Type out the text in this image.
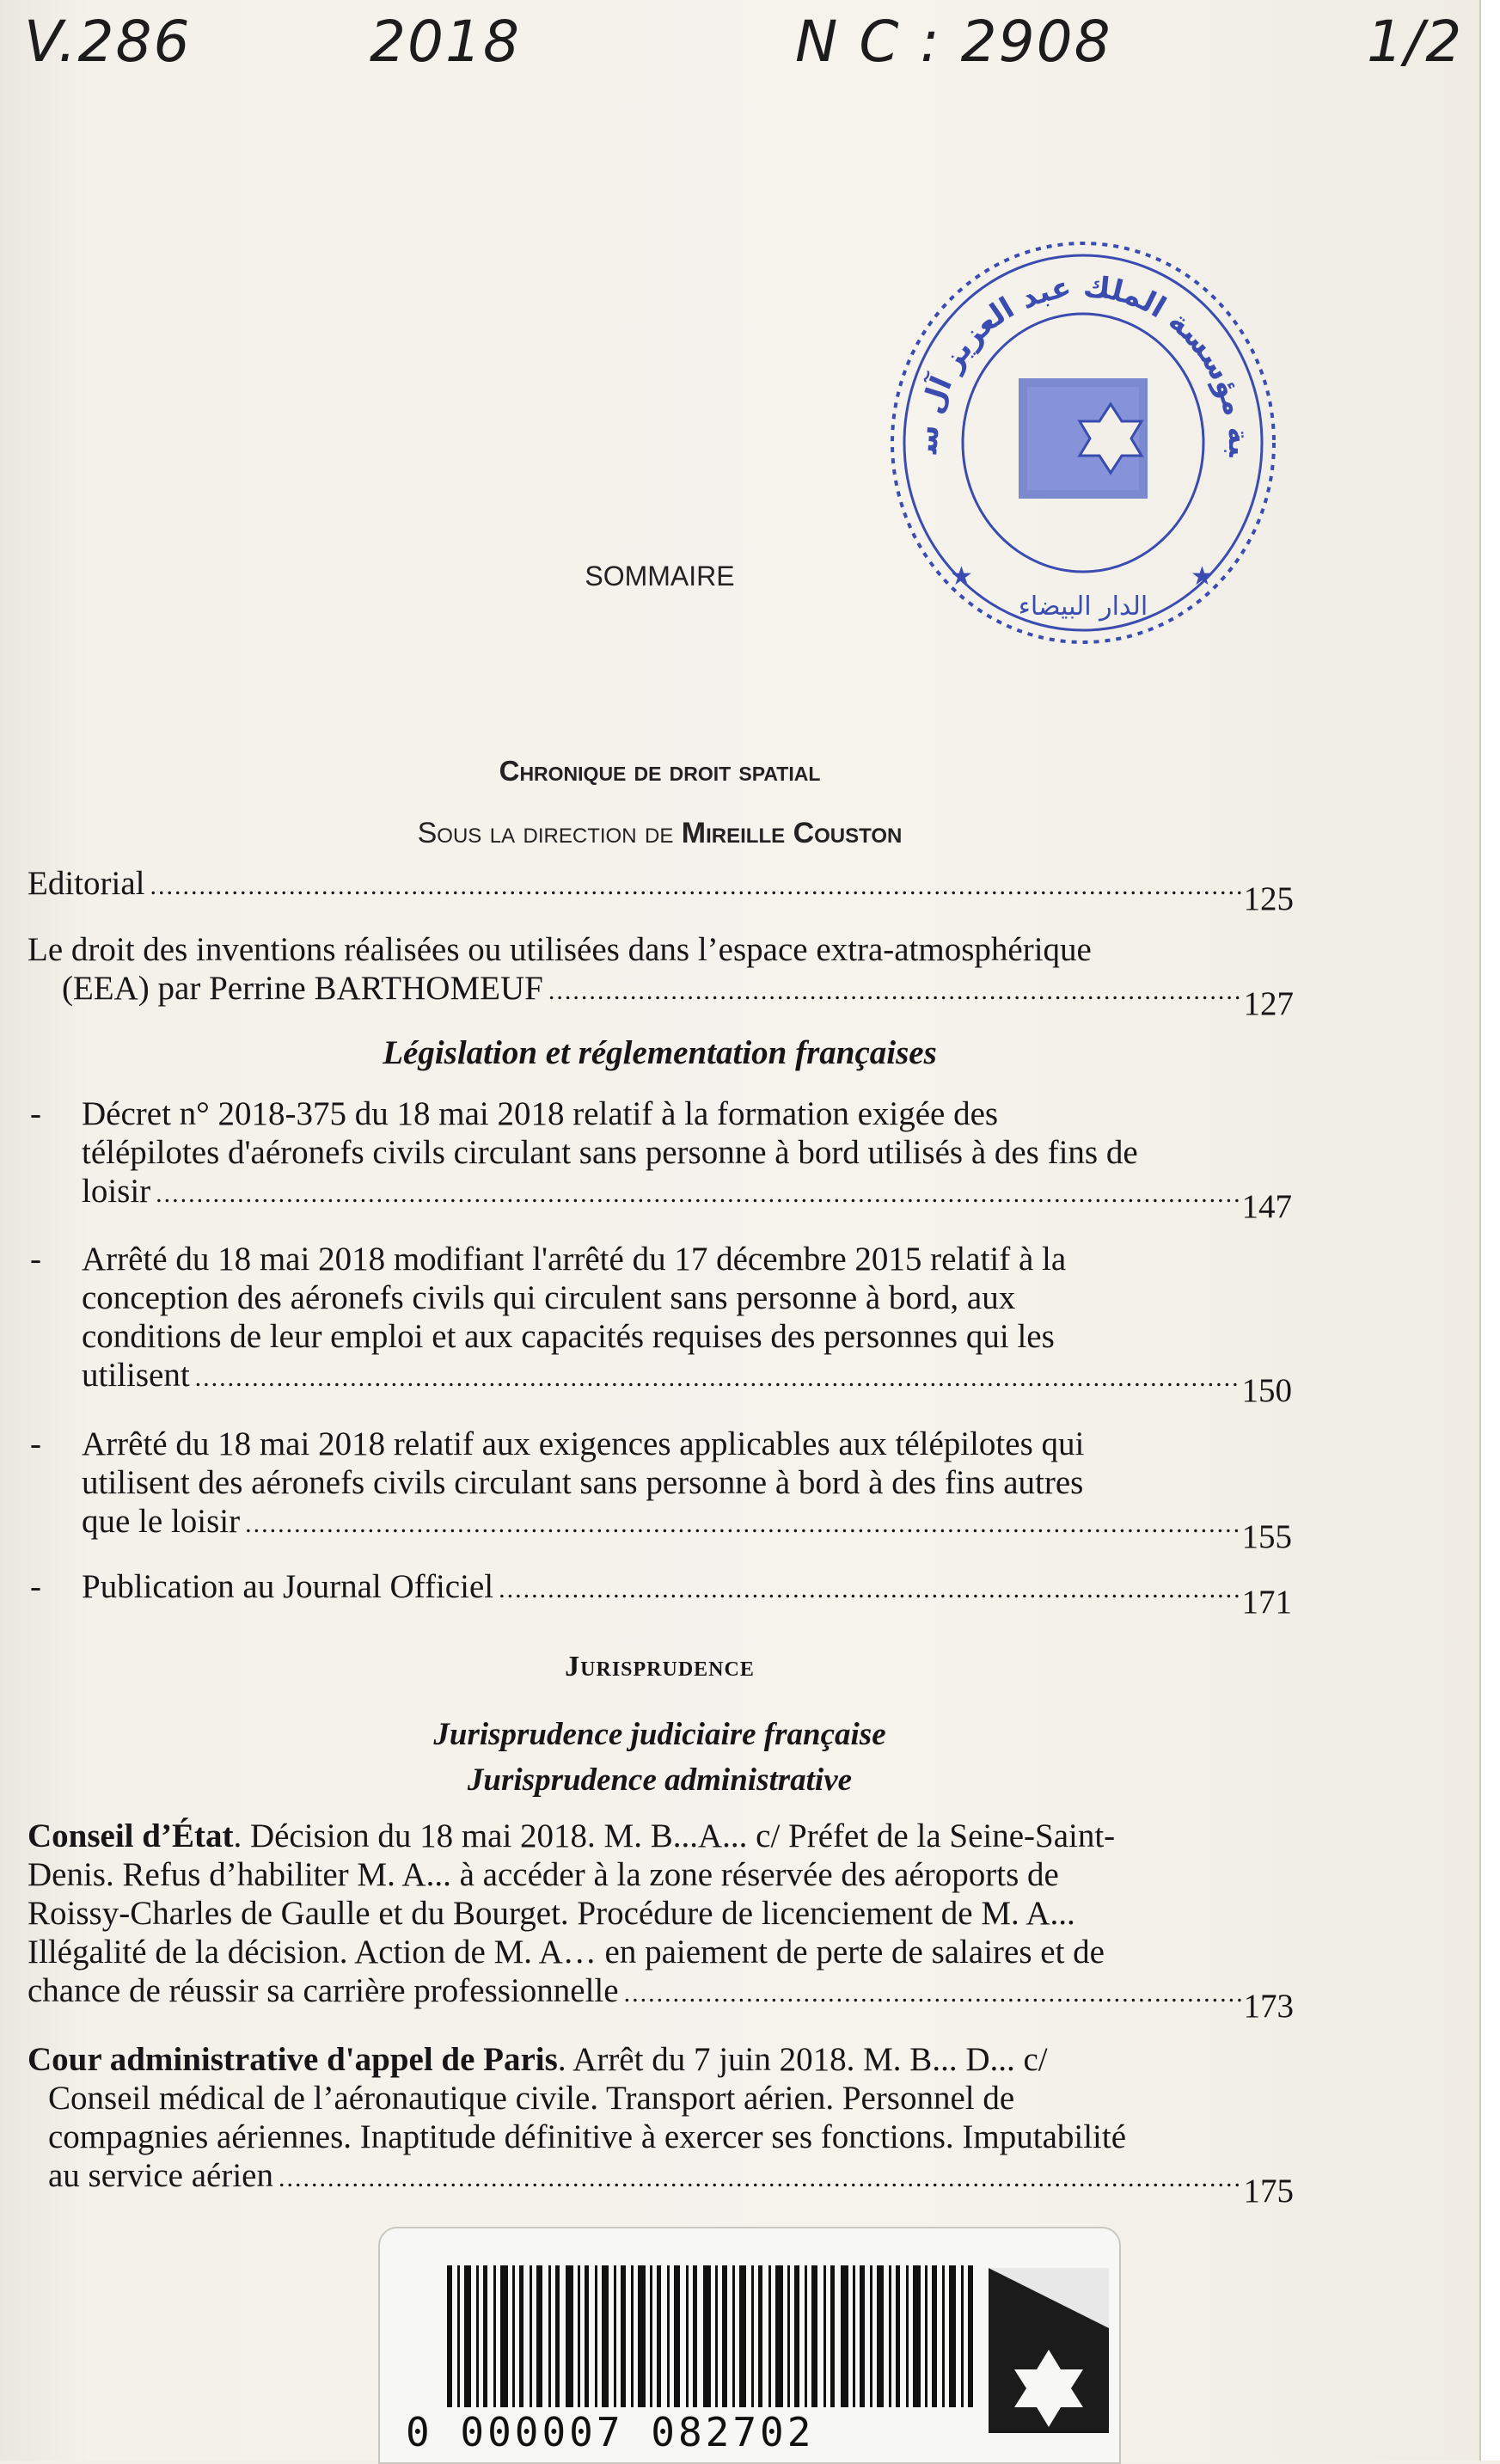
V.286	2018	N C : 2908	1/2
بة مؤسسة الملك عبد العزيز آل س
الدار البيضاء
★	★
SOMMAIRE
Chronique de droit spatial
Sous la direction de Mireille Couston
Editorial .....	125
Le droit des inventions réalisées ou utilisées dans l’espace extra-atmosphérique
(EEA) par Perrine BARTHOMEUF .....	127
Législation et réglementation françaises
- Décret n° 2018-375 du 18 mai 2018 relatif à la formation exigée des
télépilotes d'aéronefs civils circulant sans personne à bord utilisés à des fins de
loisir .....	147
- Arrêté du 18 mai 2018 modifiant l'arrêté du 17 décembre 2015 relatif à la
conception des aéronefs civils qui circulent sans personne à bord, aux
conditions de leur emploi et aux capacités requises des personnes qui les
utilisent .....	150
- Arrêté du 18 mai 2018 relatif aux exigences applicables aux télépilotes qui
utilisent des aéronefs civils circulant sans personne à bord à des fins autres
que le loisir .....	155
- Publication au Journal Officiel .....	171
Jurisprudence
Jurisprudence judiciaire française
Jurisprudence administrative
Conseil d’État. Décision du 18 mai 2018. M. B...A... c/ Préfet de la Seine-Saint-
Denis. Refus d’habiliter M. A... à accéder à la zone réservée des aéroports de
Roissy-Charles de Gaulle et du Bourget. Procédure de licenciement de M. A...
Illégalité de la décision. Action de M. A… en paiement de perte de salaires et de
chance de réussir sa carrière professionnelle .....	173
Cour administrative d'appel de Paris. Arrêt du 7 juin 2018. M. B... D... c/
Conseil médical de l’aéronautique civile. Transport aérien. Personnel de
compagnies aériennes. Inaptitude définitive à exercer ses fonctions. Imputabilité
au service aérien .....	175
0 000007 082702
